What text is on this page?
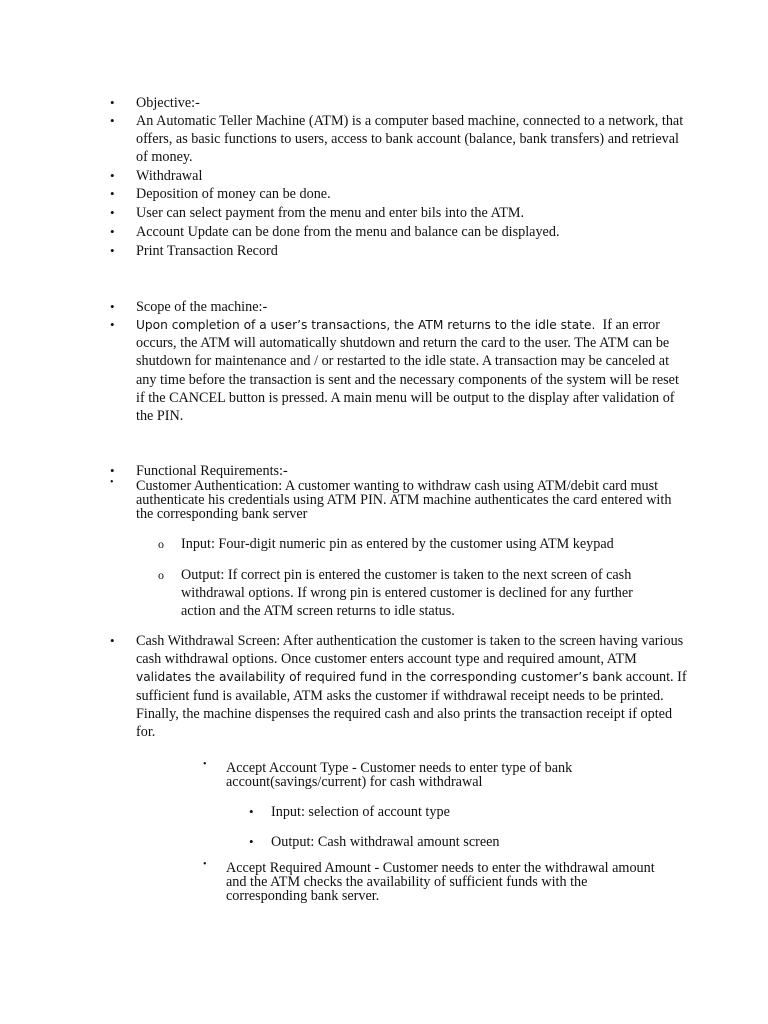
•	Objective:-
•	An Automatic Teller Machine (ATM) is a computer based machine, connected to a network, that offers, as basic functions to users, access to bank account (balance, bank transfers) and retrieval of money.
•	Withdrawal
•	Deposition of money can be done.
•	User can select payment from the menu and enter bils into the ATM.
•	Account Update can be done from the menu and balance can be displayed.
•	Print Transaction Record
•	Scope of the machine:-
•	Upon completion of a user’s transactions, the ATM returns to the idle state. If an error occurs, the ATM will automatically shutdown and return the card to the user. The ATM can be shutdown for maintenance and / or restarted to the idle state. A transaction may be canceled at any time before the transaction is sent and the necessary components of the system will be reset if the CANCEL button is pressed. A main menu will be output to the display after validation of the PIN.
•	Functional Requirements:-
•	Customer Authentication: A customer wanting to withdraw cash using ATM/debit card must authenticate his credentials using ATM PIN. ATM machine authenticates the card entered with the corresponding bank server
o	Input: Four-digit numeric pin as entered by the customer using ATM keypad
o	Output: If correct pin is entered the customer is taken to the next screen of cash withdrawal options. If wrong pin is entered customer is declined for any further action and the ATM screen returns to idle status.
•	Cash Withdrawal Screen: After authentication the customer is taken to the screen having various cash withdrawal options. Once customer enters account type and required amount, ATM validates the availability of required fund in the corresponding customer’s bank account. If sufficient fund is available, ATM asks the customer if withdrawal receipt needs to be printed. Finally, the machine dispenses the required cash and also prints the transaction receipt if opted for.
•	Accept Account Type - Customer needs to enter type of bank account(savings/current) for cash withdrawal
•	Input: selection of account type
•	Output: Cash withdrawal amount screen
•	Accept Required Amount - Customer needs to enter the withdrawal amount and the ATM checks the availability of sufficient funds with the corresponding bank server.
